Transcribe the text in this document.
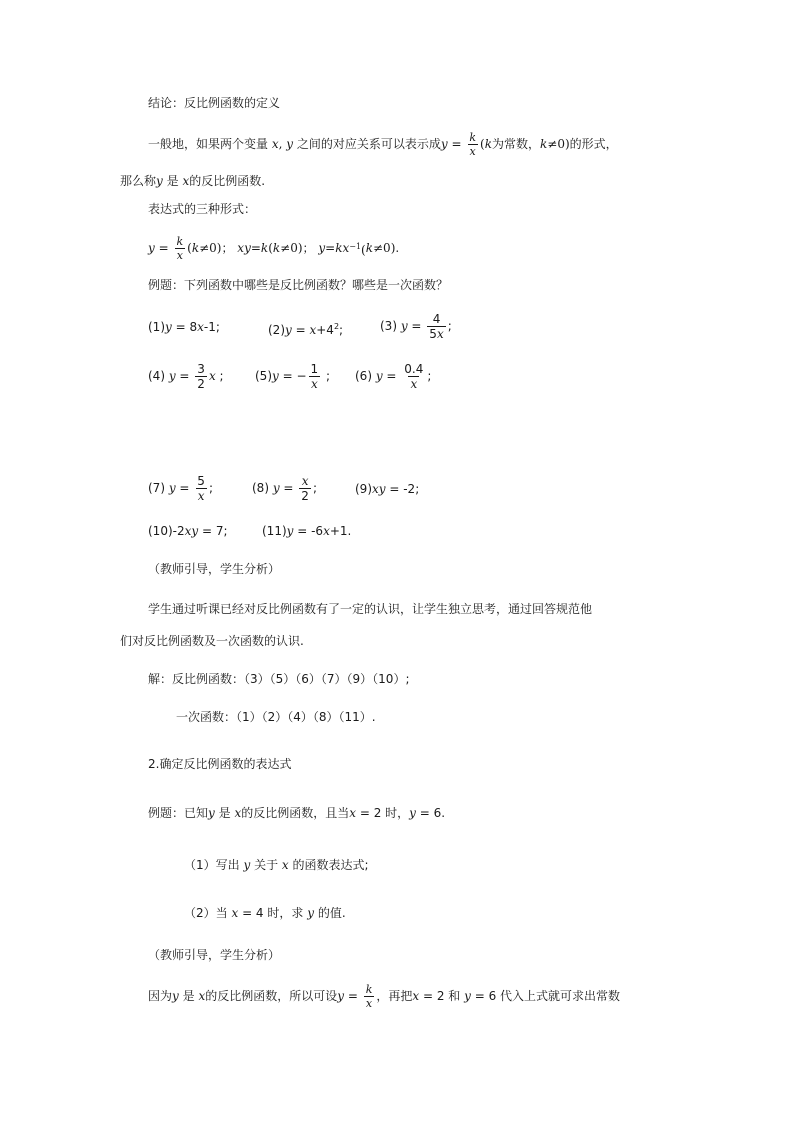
结论：反比例函数的定义
一般地，如果两个变量 x , y 之间的对应关系可以表示成 $y = \frac{k}{x}$ ( k 为常数， k ≠0) 的形式，
那么称y 是 x的反比例函数.
表达式的三种形式：
$y = \frac{k}{x}$ ( k ≠0)； xy = k ( k ≠0)； y = kx $^{-1}$( k ≠0).
例题：下列函数中哪些是反比例函数？哪些是一次函数？
(1)y = 8x-1;	$(2)y = x+4^2$;	(3)
$y = \frac{4}{5x}$ ;
(4)
$y = \frac{3}{2}$ x ;	(5) y = − $\frac{1}{x}$ ; (6)
$y = \frac{0.4}{x}$ ;
(7)
$y = \frac{5}{x}$ ;	(8)
$y = \frac{x}{2}$ ;	(9)xy = -2;
(10)-2xy = 7;	(11)y = -6x+1.
（教师引导，学生分析）
学生通过听课已经对反比例函数有了一定的认识，让学生独立思考，通过回答规范他
们对反比例函数及一次函数的认识.
解：反比例函数：（3）（5）（6）（7）（9）（10）;
一次函数：（1）（2）（4）（8）（11）.
2.确定反比例函数的表达式
例题：已知y 是 x的反比例函数，且当x = 2 时，y = 6.
（1）写出 y 关于 x 的函数表达式;
（2）当 x = 4 时，求 y 的值.
（教师引导，学生分析）
因为 y 是 x 的反比例函数，所以可设 $y = \frac{k}{x}$ ，再把 x = 2 和 y = 6 代入上式就可求出常数
